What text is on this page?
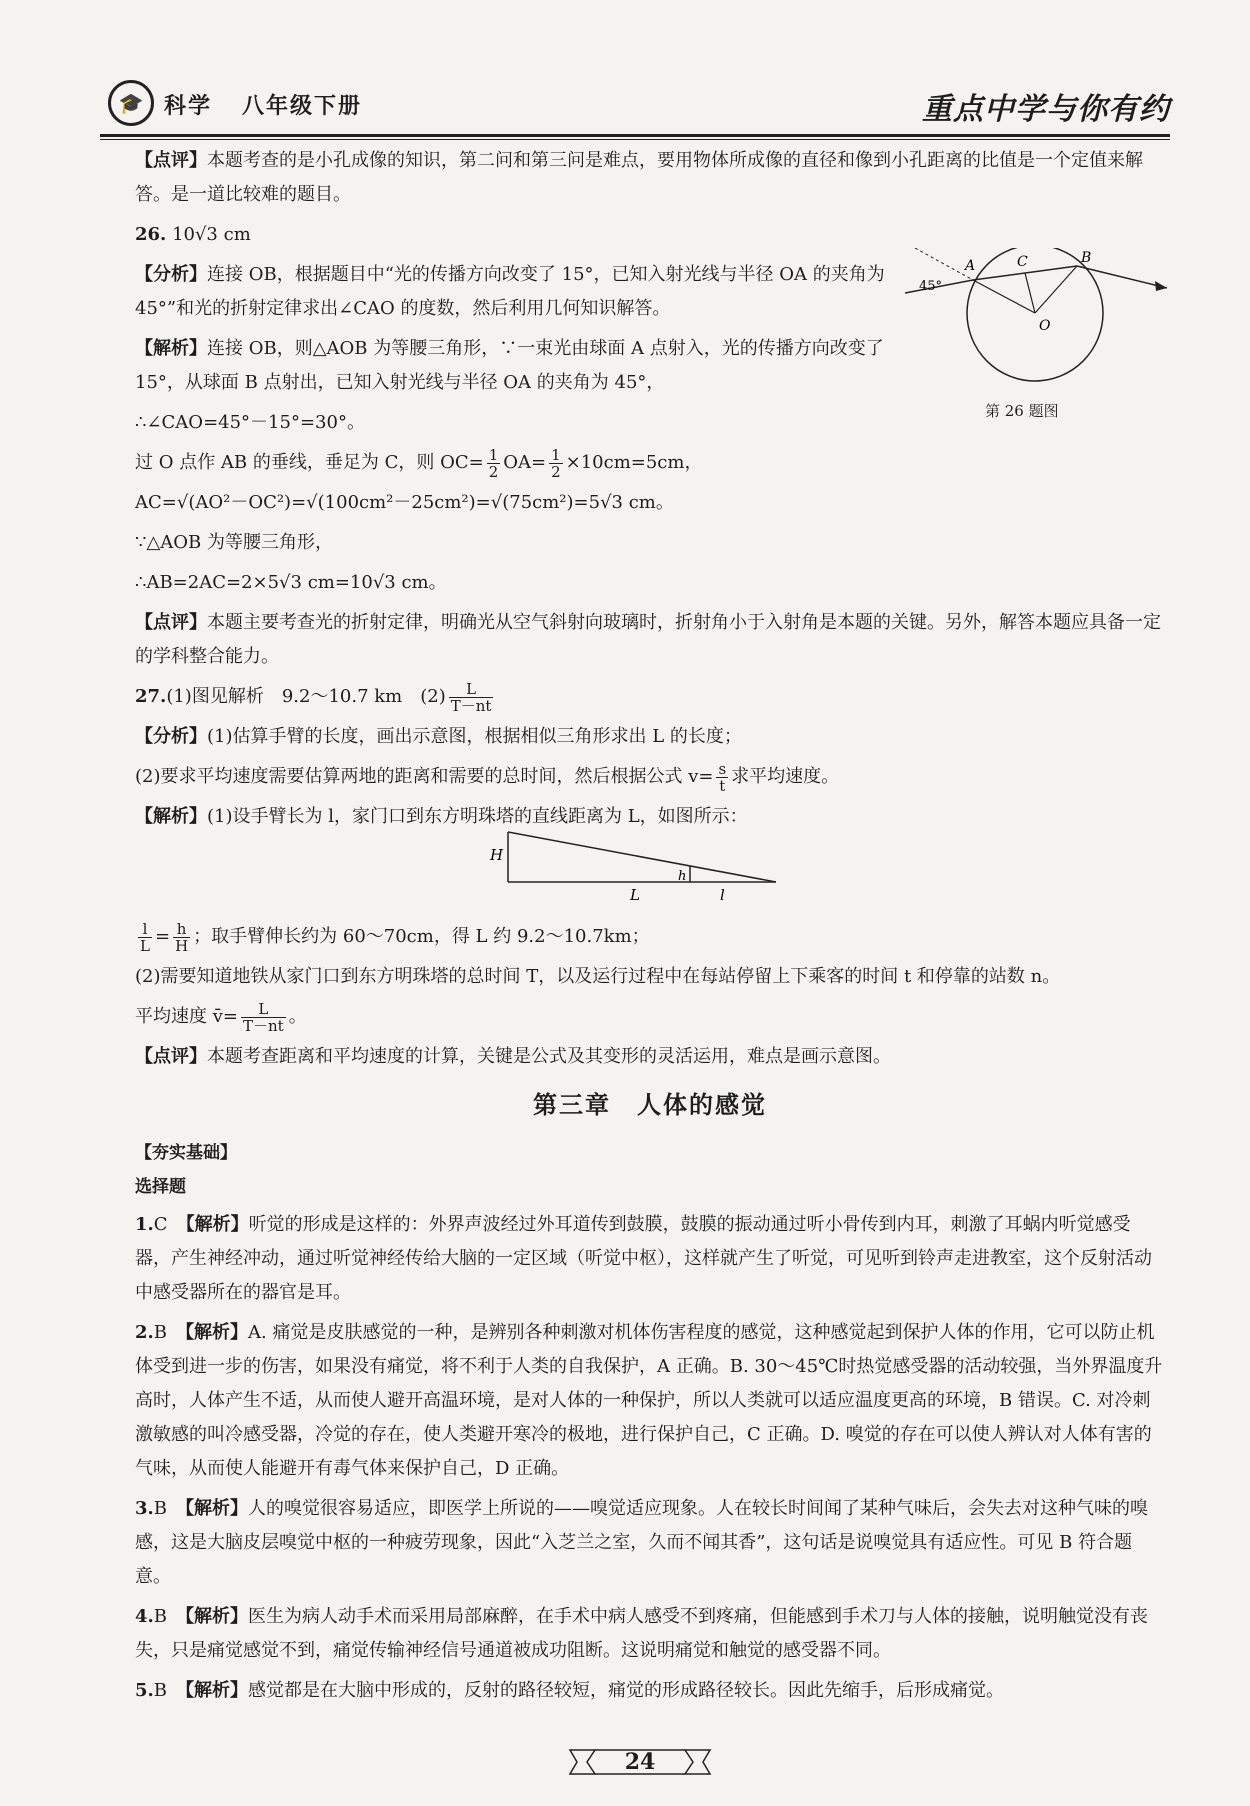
🎓 科学 八年级下册	重点中学与你有约

【点评】本题考查的是小孔成像的知识，第二问和第三问是难点，要用物体所成像的直径和像到小孔距离的比值是一个定值来解答。是一道比较难的题目。

26. 10√3 cm

【分析】连接 OB，根据题目中“光的传播方向改变了 15°，已知入射光线与半径 OA 的夹角为 45°”和光的折射定律求出∠CAO 的度数，然后利用几何知识解答。

【解析】连接 OB，则△AOB 为等腰三角形，∵一束光由球面 A 点射入，光的传播方向改变了 15°，从球面 B 点射出，已知入射光线与半径 OA 的夹角为 45°，

∴∠CAO=45°－15°=30°。

过 O 点作 AB 的垂线，垂足为 C，则 $OC= \frac{1}{2} OA= \frac{1}{2} \times 10cm=5cm$，

AC=√(AO²－OC²)=√(100cm²－25cm²)=√(75cm²)=5√3 cm。

∵△AOB 为等腰三角形，

∴AB=2AC=2×5√3 cm=10√3 cm。

【点评】本题主要考查光的折射定律，明确光从空气斜射向玻璃时，折射角小于入射角是本题的关键。另外，解答本题应具备一定的学科整合能力。

27.(1)图见解析　9.2～10.7 km　$(2) \frac{L}{T-nt}$

【分析】(1)估算手臂的长度，画出示意图，根据相似三角形求出 L 的长度；

(2)要求平均速度需要估算两地的距离和需要的总时间，然后根据公式 $v= \frac{s}{t}$ 求平均速度。

【解析】(1)设手臂长为 l，家门口到东方明珠塔的直线距离为 L，如图所示：

$\frac{l}{L} = \frac{h}{H}$ ；取手臂伸长约为 60～70cm，得 L 约 9.2～10.7km；

(2)需要知道地铁从家门口到东方明珠塔的总时间 T，以及运行过程中在每站停留上下乘客的时间 t 和停靠的站数 n。

平均速度 v̄= $\frac{L}{T-nt}$ 。

【点评】本题考查距离和平均速度的计算，关键是公式及其变形的灵活运用，难点是画示意图。

第三章　人体的感觉

【夯实基础】

选择题

1.C　 【解析】听觉的形成是这样的：外界声波经过外耳道传到鼓膜，鼓膜的振动通过听小骨传到内耳，刺激了耳蜗内听觉感受器，产生神经冲动，通过听觉神经传给大脑的一定区域（听觉中枢），这样就产生了听觉，可见听到铃声走进教室，这个反射活动中感受器所在的器官是耳。

2.B　 【解析】A. 痛觉是皮肤感觉的一种，是辨别各种刺激对机体伤害程度的感觉，这种感觉起到保护人体的作用，它可以防止机体受到进一步的伤害，如果没有痛觉，将不利于人类的自我保护，A 正确。B. 30～45℃时热觉感受器的活动较强，当外界温度升高时，人体产生不适，从而使人避开高温环境，是对人体的一种保护，所以人类就可以适应温度更高的环境，B 错误。C. 对冷刺激敏感的叫冷感受器，冷觉的存在，使人类避开寒冷的极地，进行保护自己，C 正确。D. 嗅觉的存在可以使人辨认对人体有害的气味，从而使人能避开有毒气体来保护自己，D 正确。

3.B　 【解析】人的嗅觉很容易适应，即医学上所说的——嗅觉适应现象。人在较长时间闻了某种气味后，会失去对这种气味的嗅感，这是大脑皮层嗅觉中枢的一种疲劳现象，因此“入芝兰之室，久而不闻其香”，这句话是说嗅觉具有适应性。可见 B 符合题意。

4.B　 【解析】医生为病人动手术而采用局部麻醉，在手术中病人感受不到疼痛，但能感到手术刀与人体的接触，说明触觉没有丧失，只是痛觉感觉不到，痛觉传输神经信号通道被成功阻断。这说明痛觉和触觉的感受器不同。

5.B　 【解析】感觉都是在大脑中形成的，反射的路径较短，痛觉的形成路径较长。因此先缩手，后形成痛觉。

A	C	B
O
45°
第 26 题图
H
h
L	l
24
